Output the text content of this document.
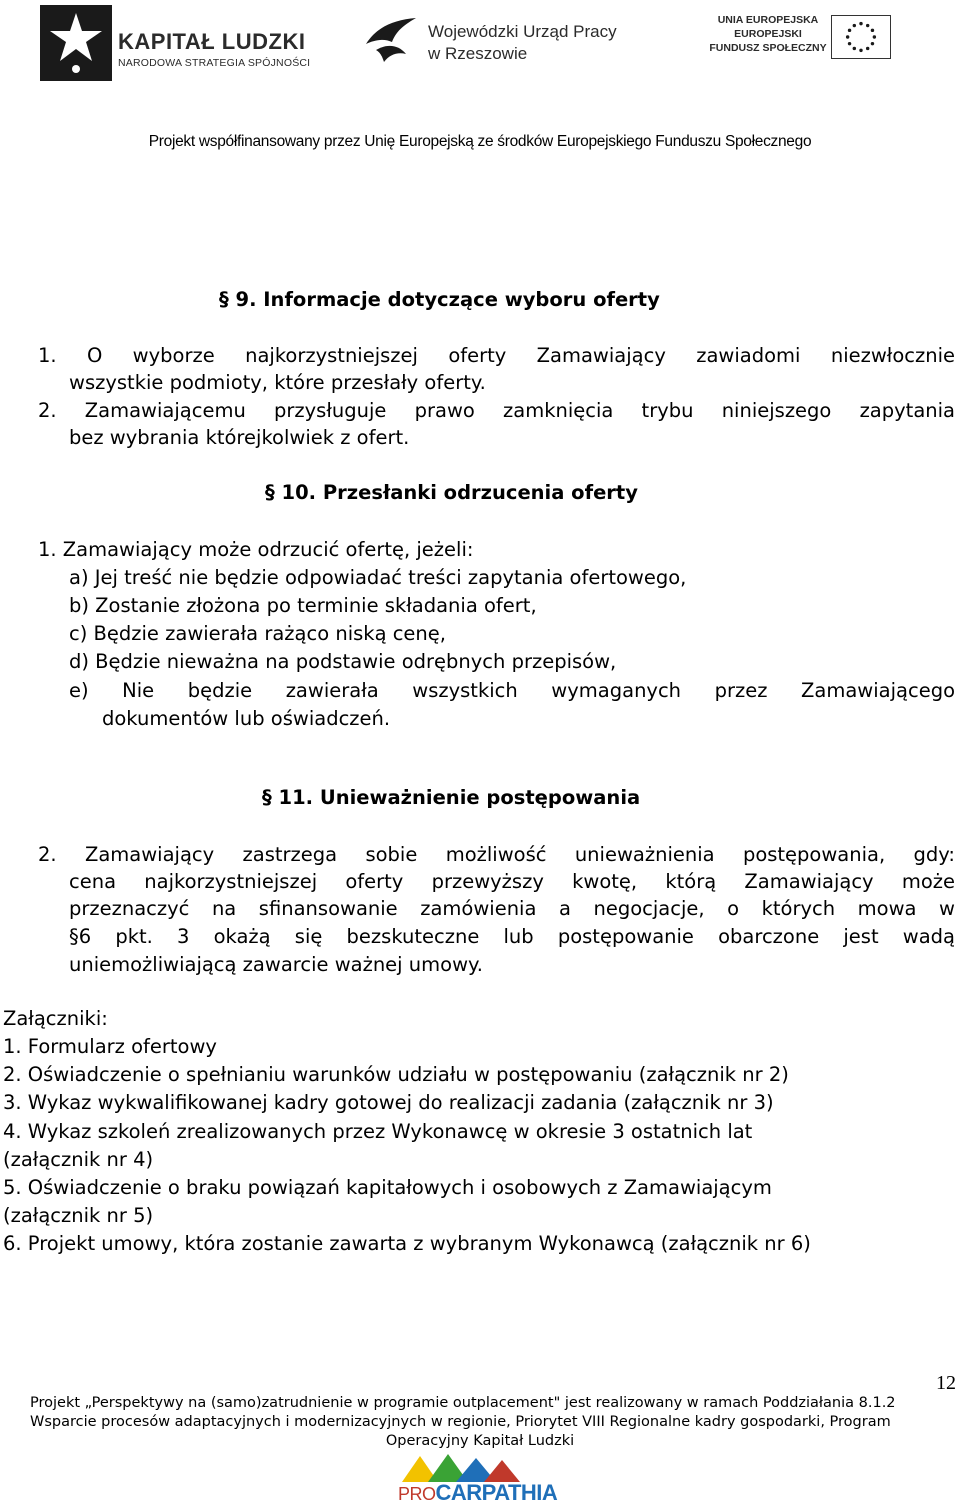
KAPITAŁ LUDZKI
NARODOWA STRATEGIA SPÓJNOŚCI
Wojewódzki Urząd Pracy
w Rzeszowie
UNIA EUROPEJSKA
EUROPEJSKI
FUNDUSZ SPOŁECZNY
Projekt współfinansowany przez Unię Europejską ze środków Europejskiego Funduszu Społecznego
§ 9. Informacje dotyczące wyboru oferty
1. O wyborze najkorzystniejszej oferty Zamawiający zawiadomi niezwłocznie
wszystkie podmioty, które przesłały oferty.
2. Zamawiającemu przysługuje prawo zamknięcia trybu niniejszego zapytania
bez wybrania którejkolwiek z ofert.
§ 10. Przesłanki odrzucenia oferty
1. Zamawiający może odrzucić ofertę, jeżeli:
a) Jej treść nie będzie odpowiadać treści zapytania ofertowego,
b) Zostanie złożona po terminie składania ofert,
c) Będzie zawierała rażąco niską cenę,
d) Będzie nieważna na podstawie odrębnych przepisów,
e) Nie będzie zawierała wszystkich wymaganych przez Zamawiającego
dokumentów lub oświadczeń.
§ 11. Unieważnienie postępowania
2. Zamawiający zastrzega sobie możliwość unieważnienia postępowania, gdy:
cena najkorzystniejszej oferty przewyższy kwotę, którą Zamawiający może
przeznaczyć na sfinansowanie zamówienia a negocjacje, o których mowa w
§6 pkt. 3 okażą się bezskuteczne lub postępowanie obarczone jest wadą
uniemożliwiającą zawarcie ważnej umowy.
Załączniki:
1. Formularz ofertowy
2. Oświadczenie o spełnianiu warunków udziału w postępowaniu (załącznik nr 2)
3. Wykaz wykwalifikowanej kadry gotowej do realizacji zadania (załącznik nr 3)
4. Wykaz szkoleń zrealizowanych przez Wykonawcę w okresie 3 ostatnich lat
(załącznik nr 4)
5. Oświadczenie o braku powiązań kapitałowych i osobowych z Zamawiającym
(załącznik nr 5)
6. Projekt umowy, która zostanie zawarta z wybranym Wykonawcą (załącznik nr 6)
12
Projekt „Perspektywy na (samo)zatrudnienie w programie outplacement" jest realizowany w ramach Poddziałania 8.1.2
Wsparcie procesów adaptacyjnych i modernizacyjnych w regionie, Priorytet VIII Regionalne kadry gospodarki, Program
Operacyjny Kapitał Ludzki
PROCARPATHIA
